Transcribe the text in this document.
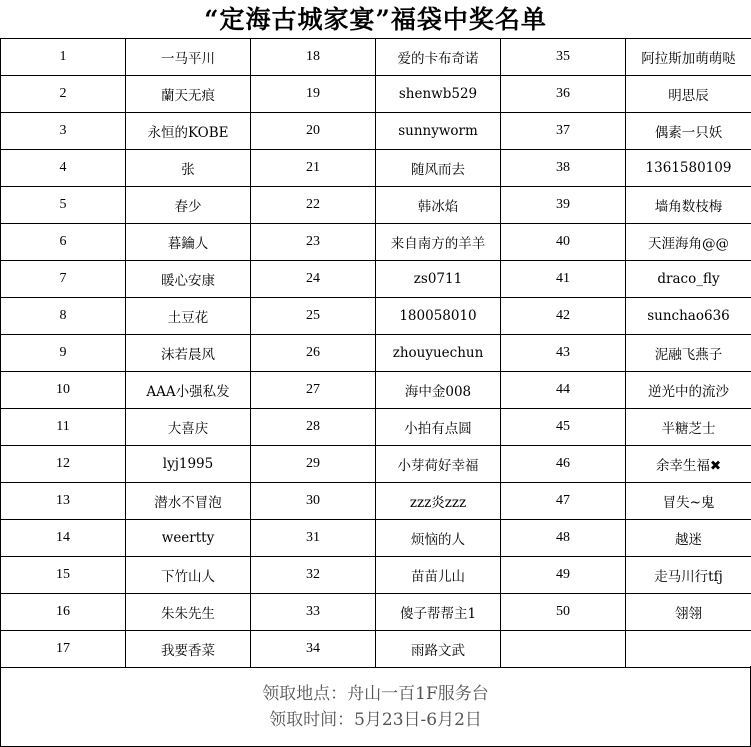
“定海古城家宴”福袋中奖名单
1	一马平川	18	爱的卡布奇诺	35	阿拉斯加萌萌哒
2	蘭天无痕	19	shenwb529	36	明思辰
3	永恒的KOBE	20	sunnyworm	37	偶素一只妖
4	张	21	随风而去	38	1361580109
5	春少	22	韩冰焰	39	墙角数枝梅
6	暮鑰人	23	来自南方的羊羊	40	天涯海角@@
7	暖心安康	24	zs0711	41	draco_fly
8	土豆花	25	180058010	42	sunchao636
9	沫若晨风	26	zhouyuechun	43	泥融飞燕子
10	AAA小强私发	27	海中金008	44	逆光中的流沙
11	大喜庆	28	小拍有点圆	45	半糖芝士
12	lyj1995	29	小芽荷好幸福	46	余幸生福✖
13	潜水不冒泡	30	zzz炎zzz	47	冒失~鬼
14	weertty	31	烦恼的人	48	越迷
15	下竹山人	32	苗苗儿山	49	走马川行tfj
16	朱朱先生	33	傻子帮帮主1	50	翎翎
17	我要香菜	34	雨路文武		
领取地点：舟山一百1F服务台
领取时间：5月23日-6月2日
